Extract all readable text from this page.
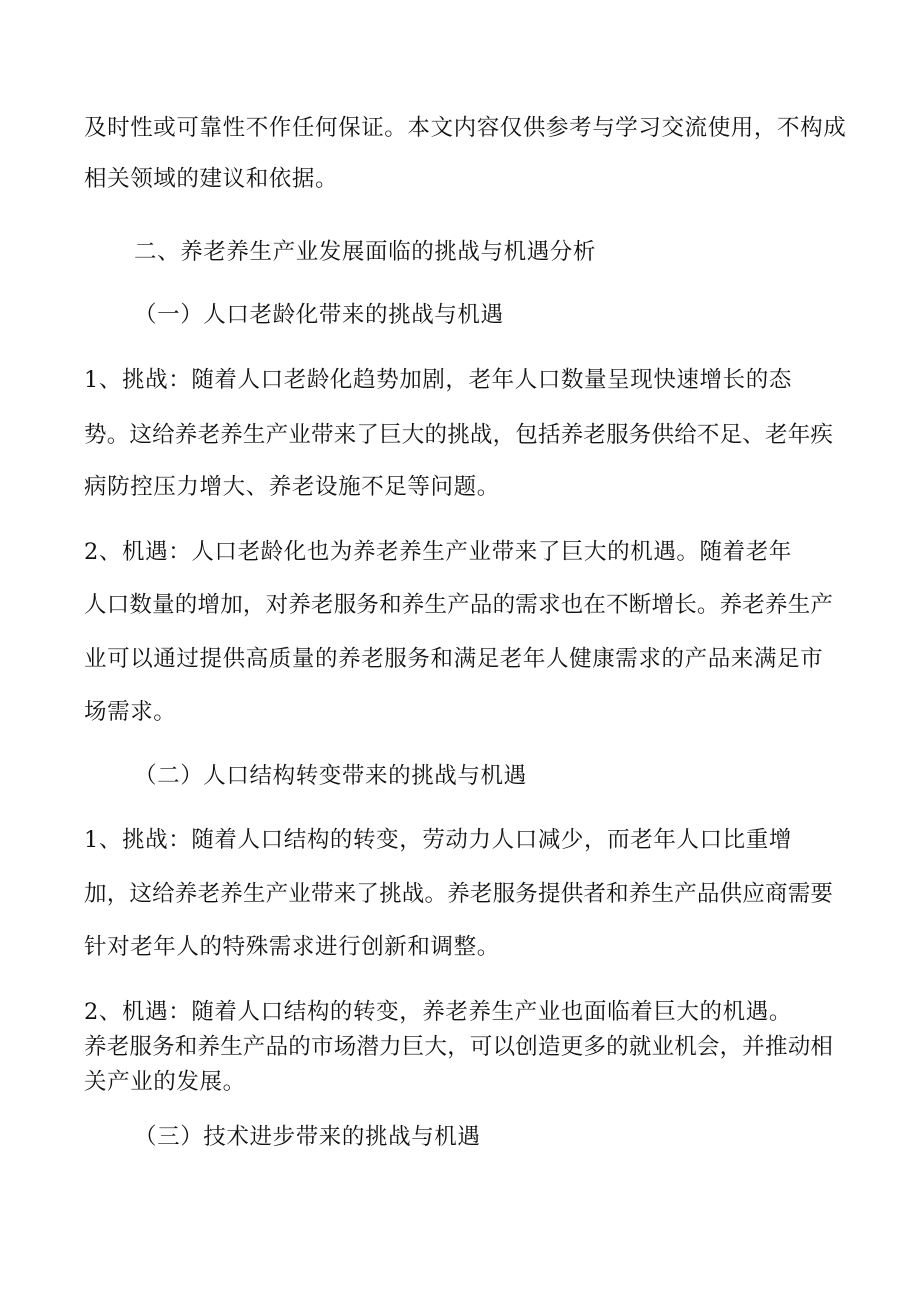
及时性或可靠性不作任何保证。本文内容仅供参考与学习交流使用，不构成
相关领域的建议和依据。
二、养老养生产业发展面临的挑战与机遇分析
（一）人口老龄化带来的挑战与机遇
1、挑战：随着人口老龄化趋势加剧，老年人口数量呈现快速增长的态
势。这给养老养生产业带来了巨大的挑战，包括养老服务供给不足、老年疾
病防控压力增大、养老设施不足等问题。
2、机遇：人口老龄化也为养老养生产业带来了巨大的机遇。随着老年
人口数量的增加，对养老服务和养生产品的需求也在不断增长。养老养生产
业可以通过提供高质量的养老服务和满足老年人健康需求的产品来满足市
场需求。
（二）人口结构转变带来的挑战与机遇
1、挑战：随着人口结构的转变，劳动力人口减少，而老年人口比重增
加，这给养老养生产业带来了挑战。养老服务提供者和养生产品供应商需要
针对老年人的特殊需求进行创新和调整。
2、机遇：随着人口结构的转变，养老养生产业也面临着巨大的机遇。
养老服务和养生产品的市场潜力巨大，可以创造更多的就业机会，并推动相
关产业的发展。
（三）技术进步带来的挑战与机遇
